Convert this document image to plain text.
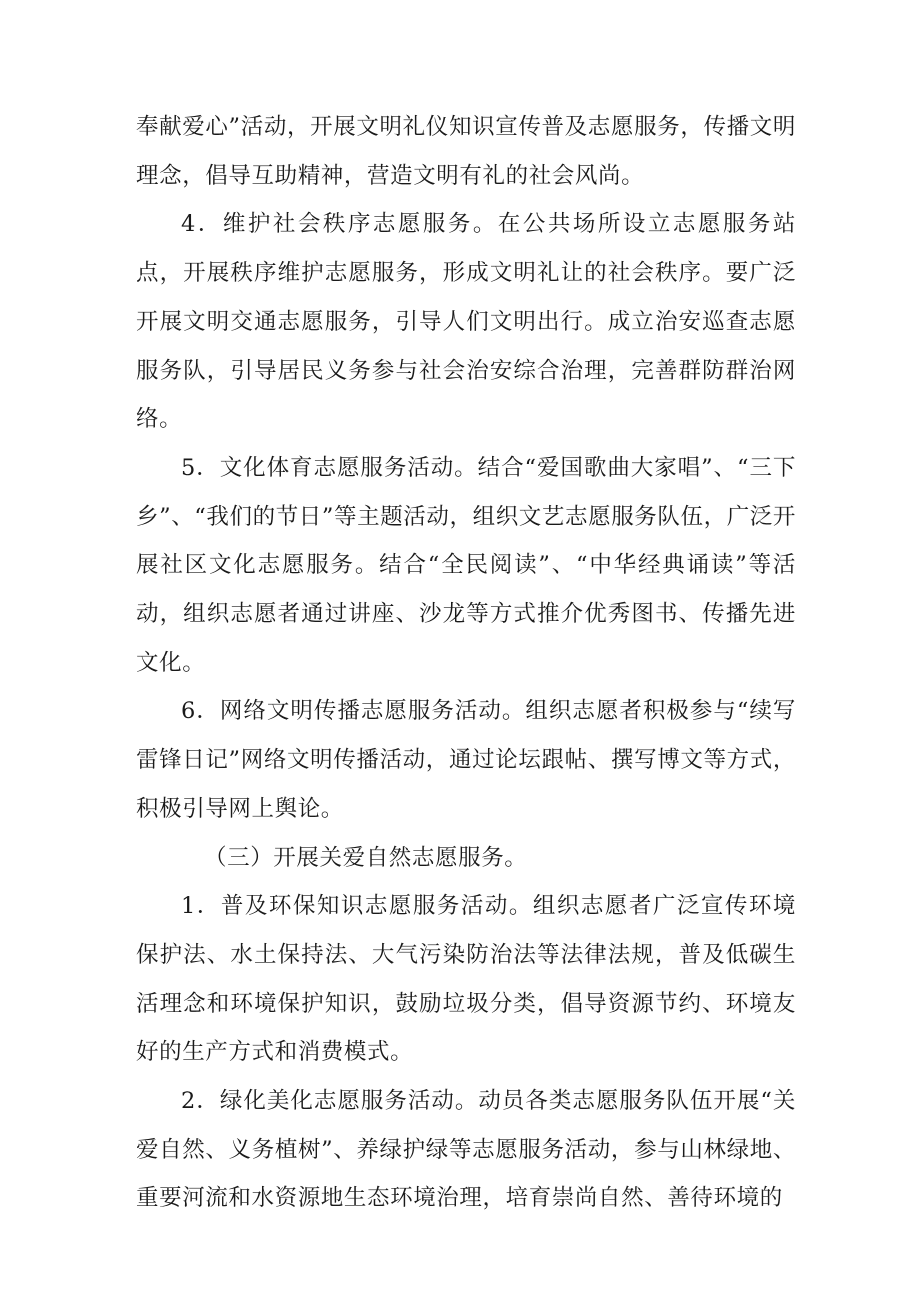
奉献爱心”活动，开展文明礼仪知识宣传普及志愿服务，传播文明理念，倡导互助精神，营造文明有礼的社会风尚。

4．维护社会秩序志愿服务。在公共场所设立志愿服务站点，开展秩序维护志愿服务，形成文明礼让的社会秩序。要广泛开展文明交通志愿服务，引导人们文明出行。成立治安巡查志愿服务队，引导居民义务参与社会治安综合治理，完善群防群治网络。

5．文化体育志愿服务活动。结合“爱国歌曲大家唱”、“三下乡”、“我们的节日”等主题活动，组织文艺志愿服务队伍，广泛开展社区文化志愿服务。结合“全民阅读”、“中华经典诵读”等活动，组织志愿者通过讲座、沙龙等方式推介优秀图书、传播先进文化。

6．网络文明传播志愿服务活动。组织志愿者积极参与“续写雷锋日记”网络文明传播活动，通过论坛跟帖、撰写博文等方式，积极引导网上舆论。

（三）开展关爱自然志愿服务。

1．普及环保知识志愿服务活动。组织志愿者广泛宣传环境保护法、水土保持法、大气污染防治法等法律法规，普及低碳生活理念和环境保护知识，鼓励垃圾分类，倡导资源节约、环境友好的生产方式和消费模式。

2．绿化美化志愿服务活动。动员各类志愿服务队伍开展“关爱自然、义务植树”、养绿护绿等志愿服务活动，参与山林绿地、重要河流和水资源地生态环境治理，培育崇尚自然、善待环境的
